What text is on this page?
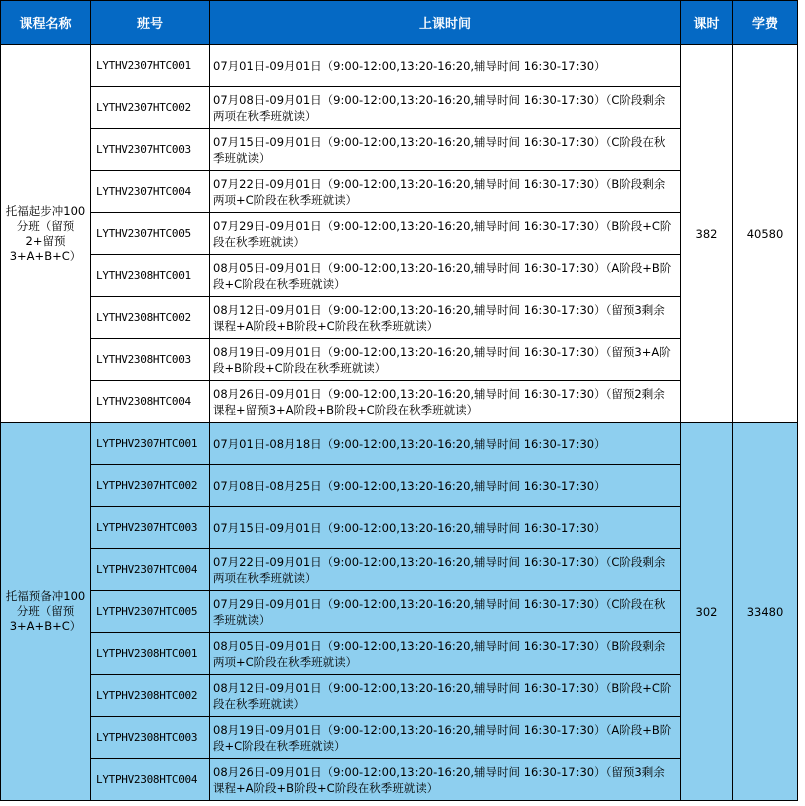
课程名称	班号	上课时间	课时	学费
托福起步冲100分班（留预2+留预3+A+B+C）	LYTHV2307HTC001	07月01日-09月01日（9:00-12:00,13:20-16:20,辅导时间 16:30-17:30）	382	40580
	LYTHV2307HTC002	07月08日-09月01日（9:00-12:00,13:20-16:20,辅导时间 16:30-17:30）（C阶段剩余两项在秋季班就读）		

	LYTHV2307HTC003	07月15日-09月01日（9:00-12:00,13:20-16:20,辅导时间 16:30-17:30）（C阶段在秋季班就读）		

	LYTHV2307HTC004	07月22日-09月01日（9:00-12:00,13:20-16:20,辅导时间 16:30-17:30）（B阶段剩余两项+C阶段在秋季班就读）		

	LYTHV2307HTC005	07月29日-09月01日（9:00-12:00,13:20-16:20,辅导时间 16:30-17:30）（B阶段+C阶段在秋季班就读）		

	LYTHV2308HTC001	08月05日-09月01日（9:00-12:00,13:20-16:20,辅导时间 16:30-17:30）（A阶段+B阶段+C阶段在秋季班就读）		

	LYTHV2308HTC002	08月12日-09月01日（9:00-12:00,13:20-16:20,辅导时间 16:30-17:30）（留预3剩余课程+A阶段+B阶段+C阶段在秋季班就读）		

	LYTHV2308HTC003	08月19日-09月01日（9:00-12:00,13:20-16:20,辅导时间 16:30-17:30）（留预3+A阶段+B阶段+C阶段在秋季班就读）		

	LYTHV2308HTC004	08月26日-09月01日（9:00-12:00,13:20-16:20,辅导时间 16:30-17:30）（留预2剩余课程+留预3+A阶段+B阶段+C阶段在秋季班就读）		

托福预备冲100分班（留预3+A+B+C）	LYTPHV2307HTC001	07月01日-08月18日（9:00-12:00,13:20-16:20,辅导时间 16:30-17:30）	302	33480
	LYTPHV2307HTC002	07月08日-08月25日（9:00-12:00,13:20-16:20,辅导时间 16:30-17:30）		

	LYTPHV2307HTC003	07月15日-09月01日（9:00-12:00,13:20-16:20,辅导时间 16:30-17:30）		

	LYTPHV2307HTC004	07月22日-09月01日（9:00-12:00,13:20-16:20,辅导时间 16:30-17:30）（C阶段剩余两项在秋季班就读）		

	LYTPHV2307HTC005	07月29日-09月01日（9:00-12:00,13:20-16:20,辅导时间 16:30-17:30）（C阶段在秋季班就读）		

	LYTPHV2308HTC001	08月05日-09月01日（9:00-12:00,13:20-16:20,辅导时间 16:30-17:30）（B阶段剩余两项+C阶段在秋季班就读）		

	LYTPHV2308HTC002	08月12日-09月01日（9:00-12:00,13:20-16:20,辅导时间 16:30-17:30）（B阶段+C阶段在秋季班就读）		

	LYTPHV2308HTC003	08月19日-09月01日（9:00-12:00,13:20-16:20,辅导时间 16:30-17:30）（A阶段+B阶段+C阶段在秋季班就读）		

	LYTPHV2308HTC004	08月26日-09月01日（9:00-12:00,13:20-16:20,辅导时间 16:30-17:30）（留预3剩余课程+A阶段+B阶段+C阶段在秋季班就读）		
